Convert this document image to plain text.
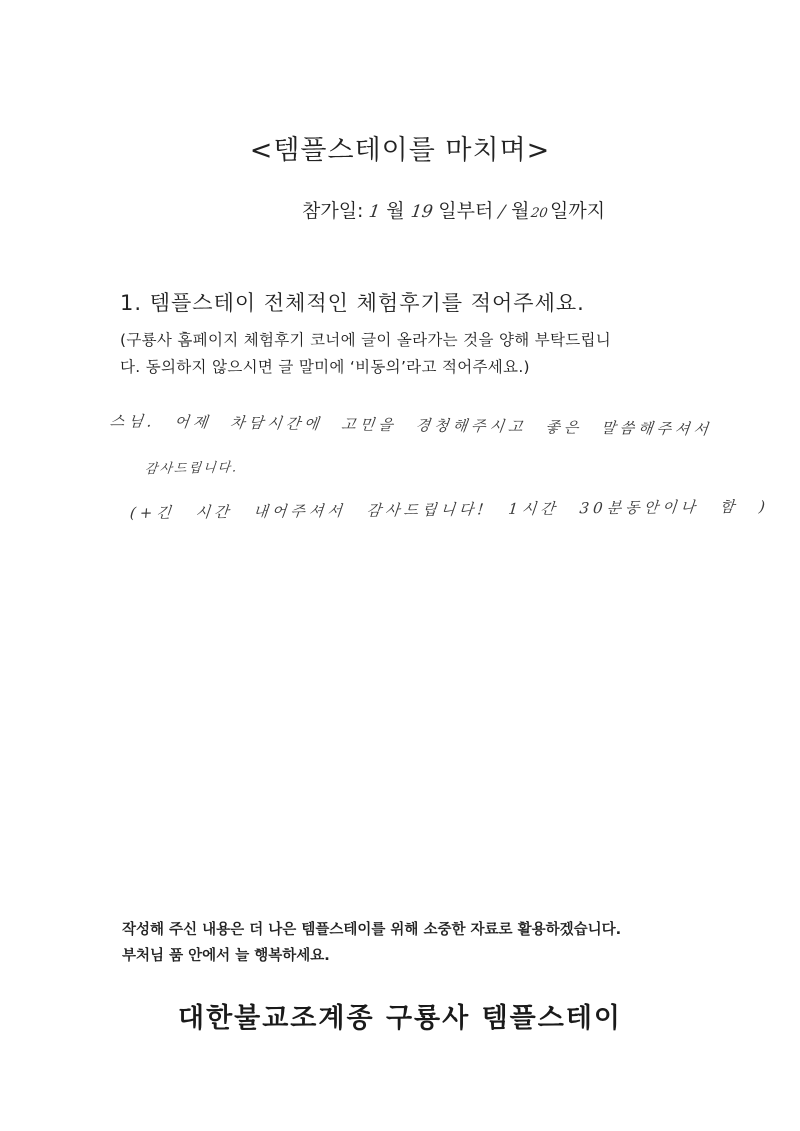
<템플스테이를 마치며>
참가일: 1 월 19 일부터 / 월 20 일까지
1. 템플스테이 전체적인 체험후기를 적어주세요.
(구룡사 홈페이지 체험후기 코너에 글이 올라가는 것을 양해 부탁드립니
다. 동의하지 않으시면 글 말미에 ‘비동의’라고 적어주세요.)
스님. 어제 차담시간에 고민을 경청해주시고 좋은 말씀해주셔서
감사드립니다.
(+긴 시간 내어주셔서 감사드립니다! 1시간 30분동안이나 함 )
작성해 주신 내용은 더 나은 템플스테이를 위해 소중한 자료로 활용하겠습니다.
부처님 품 안에서 늘 행복하세요.
대한불교조계종 구룡사 템플스테이
